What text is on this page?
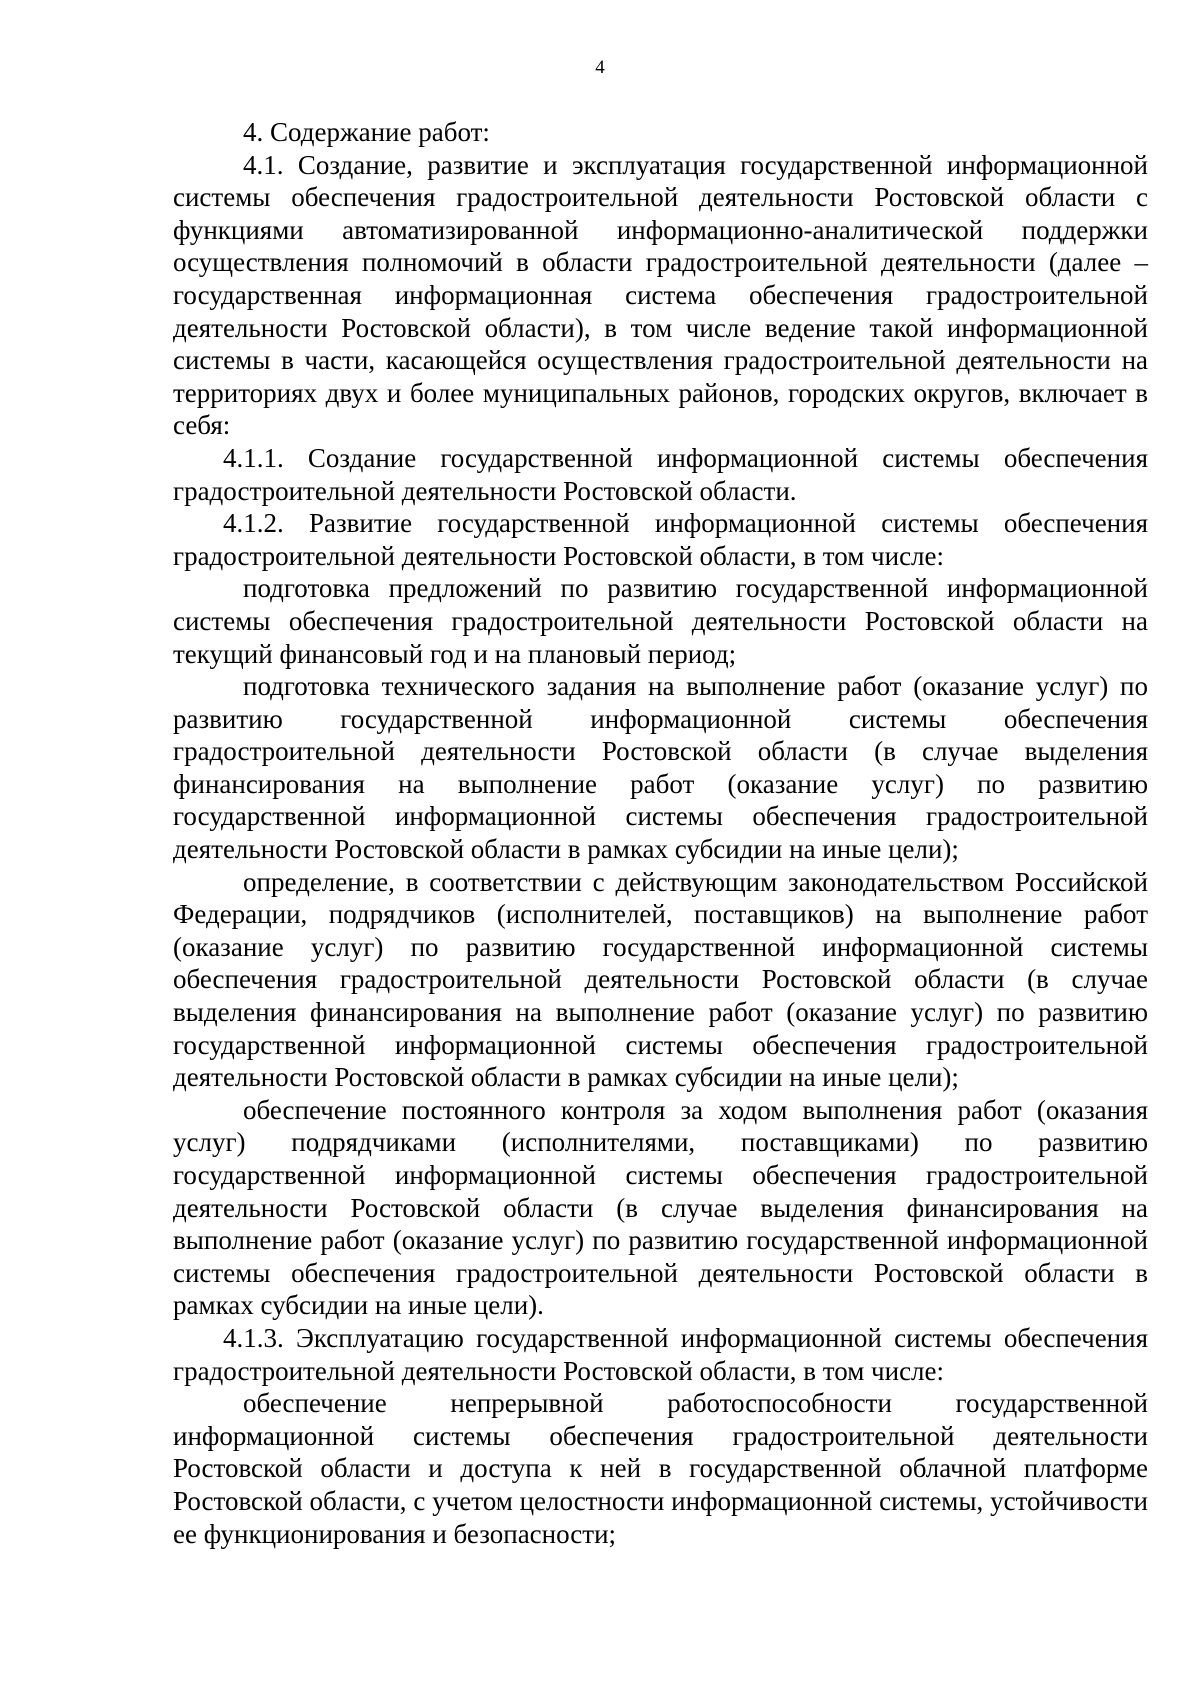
4

4. Содержание работ:

4.1. Создание, развитие и эксплуатация государственной информационной системы обеспечения градостроительной деятельности Ростовской области с функциями автоматизированной информационно-аналитической поддержки осуществления полномочий в области градостроительной деятельности (далее – государственная информационная система обеспечения градостроительной деятельности Ростовской области), в том числе ведение такой информационной системы в части, касающейся осуществления градостроительной деятельности на территориях двух и более муниципальных районов, городских округов, включает в себя:

4.1.1. Создание государственной информационной системы обеспечения градостроительной деятельности Ростовской области.

4.1.2. Развитие государственной информационной системы обеспечения градостроительной деятельности Ростовской области, в том числе:

подготовка предложений по развитию государственной информационной системы обеспечения градостроительной деятельности Ростовской области на текущий финансовый год и на плановый период;

подготовка технического задания на выполнение работ (оказание услуг) по развитию государственной информационной системы обеспечения градостроительной деятельности Ростовской области (в случае выделения финансирования на выполнение работ (оказание услуг) по развитию государственной информационной системы обеспечения градостроительной деятельности Ростовской области в рамках субсидии на иные цели);

определение, в соответствии с действующим законодательством Российской Федерации, подрядчиков (исполнителей, поставщиков) на выполнение работ (оказание услуг) по развитию государственной информационной системы обеспечения градостроительной деятельности Ростовской области (в случае выделения финансирования на выполнение работ (оказание услуг) по развитию государственной информационной системы обеспечения градостроительной деятельности Ростовской области в рамках субсидии на иные цели);

обеспечение постоянного контроля за ходом выполнения работ (оказания услуг) подрядчиками (исполнителями, поставщиками) по развитию государственной информационной системы обеспечения градостроительной деятельности Ростовской области (в случае выделения финансирования на выполнение работ (оказание услуг) по развитию государственной информационной системы обеспечения градостроительной деятельности Ростовской области в рамках субсидии на иные цели).

4.1.3. Эксплуатацию государственной информационной системы обеспечения градостроительной деятельности Ростовской области, в том числе:

обеспечение непрерывной работоспособности государственной информационной системы обеспечения градостроительной деятельности Ростовской области и доступа к ней в государственной облачной платформе Ростовской области, с учетом целостности информационной системы, устойчивости ее функционирования и безопасности;
